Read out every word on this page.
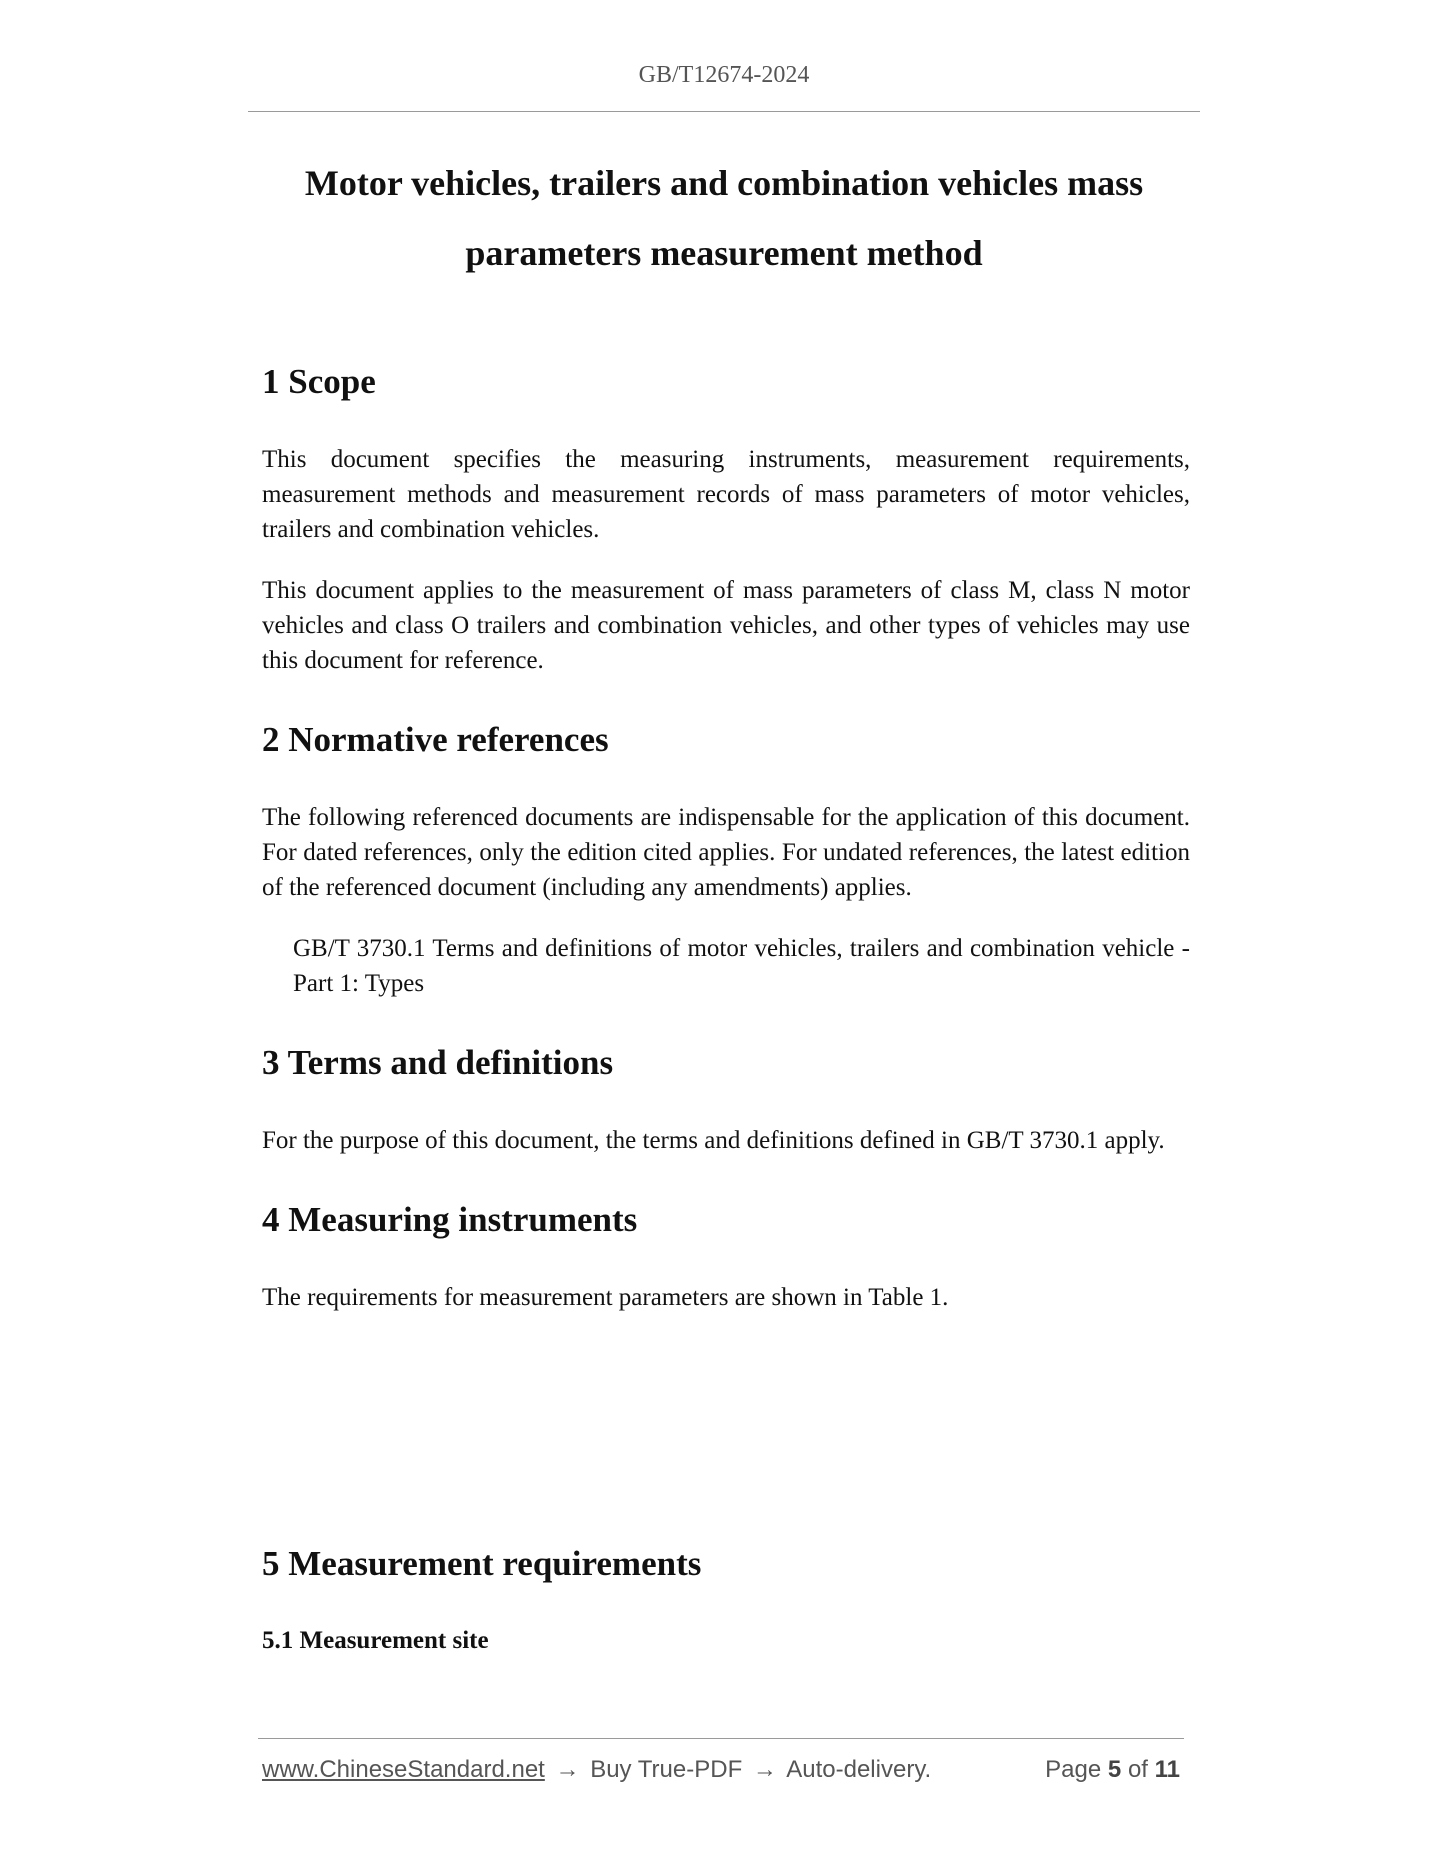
GB/T12674-2024
Motor vehicles, trailers and combination vehicles mass
parameters measurement method
1 Scope

This document specifies the measuring instruments, measurement requirements, measurement methods and measurement records of mass parameters of motor vehicles, trailers and combination vehicles.

This document applies to the measurement of mass parameters of class M, class N motor vehicles and class O trailers and combination vehicles, and other types of vehicles may use this document for reference.

2 Normative references

The following referenced documents are indispensable for the application of this document. For dated references, only the edition cited applies. For undated references, the latest edition of the referenced document (including any amendments) applies.

GB/T 3730.1 Terms and definitions of motor vehicles, trailers and combination vehicle - Part 1: Types

3 Terms and definitions

For the purpose of this document, the terms and definitions defined in GB/T 3730.1 apply.

4 Measuring instruments

The requirements for measurement parameters are shown in Table 1.

5 Measurement requirements
5.1 Measurement site
www.ChineseStandard.net → Buy True-PDF → Auto-delivery.	Page 5 of 11
